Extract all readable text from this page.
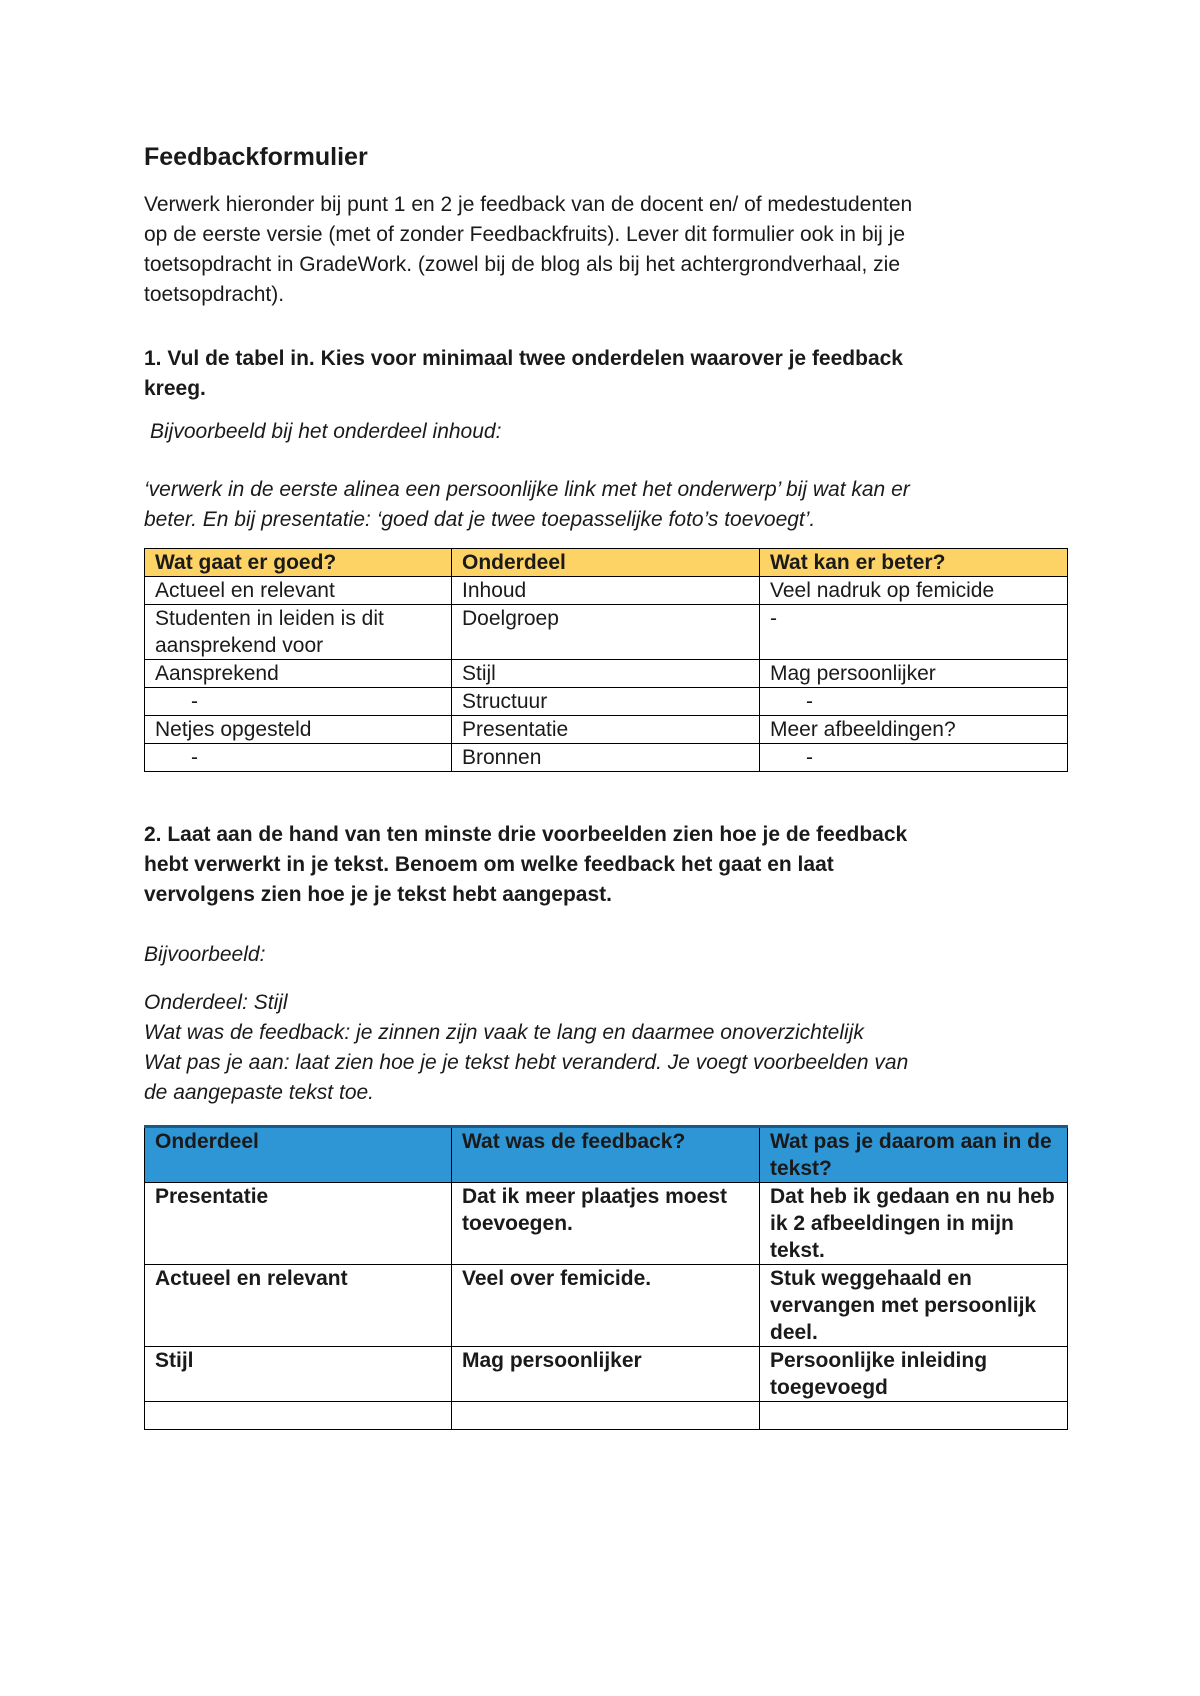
Feedbackformulier

Verwerk hieronder bij punt 1 en 2 je feedback van de docent en/ of medestudenten

op de eerste versie (met of zonder Feedbackfruits). Lever dit formulier ook in bij je

toetsopdracht in GradeWork. (zowel bij de blog als bij het achtergrondverhaal, zie

toetsopdracht).

1. Vul de tabel in. Kies voor minimaal twee onderdelen waarover je feedback

kreeg.

Bijvoorbeeld bij het onderdeel inhoud:

‘verwerk in de eerste alinea een persoonlijke link met het onderwerp’ bij wat kan er

beter. En bij presentatie: ‘goed dat je twee toepasselijke foto’s toevoegt’.

Wat gaat er goed?	Onderdeel	Wat kan er beter?
Actueel en relevant	Inhoud	Veel nadruk op femicide
Studenten in leiden is dit aansprekend voor	Doelgroep	-
Aansprekend	Stijl	Mag persoonlijker
-	Structuur	-
Netjes opgesteld	Presentatie	Meer afbeeldingen?
-	Bronnen	-

2. Laat aan de hand van ten minste drie voorbeelden zien hoe je de feedback

hebt verwerkt in je tekst. Benoem om welke feedback het gaat en laat

vervolgens zien hoe je je tekst hebt aangepast.

Bijvoorbeeld:

Onderdeel: Stijl

Wat was de feedback: je zinnen zijn vaak te lang en daarmee onoverzichtelijk

Wat pas je aan: laat zien hoe je je tekst hebt veranderd. Je voegt voorbeelden van

de aangepaste tekst toe.

Onderdeel	Wat was de feedback?	Wat pas je daarom aan in de tekst?
Presentatie	Dat ik meer plaatjes moest toevoegen.	Dat heb ik gedaan en nu heb ik 2 afbeeldingen in mijn tekst.
Actueel en relevant	Veel over femicide.	Stuk weggehaald en vervangen met persoonlijk deel.
Stijl	Mag persoonlijker	Persoonlijke inleiding toegevoegd
